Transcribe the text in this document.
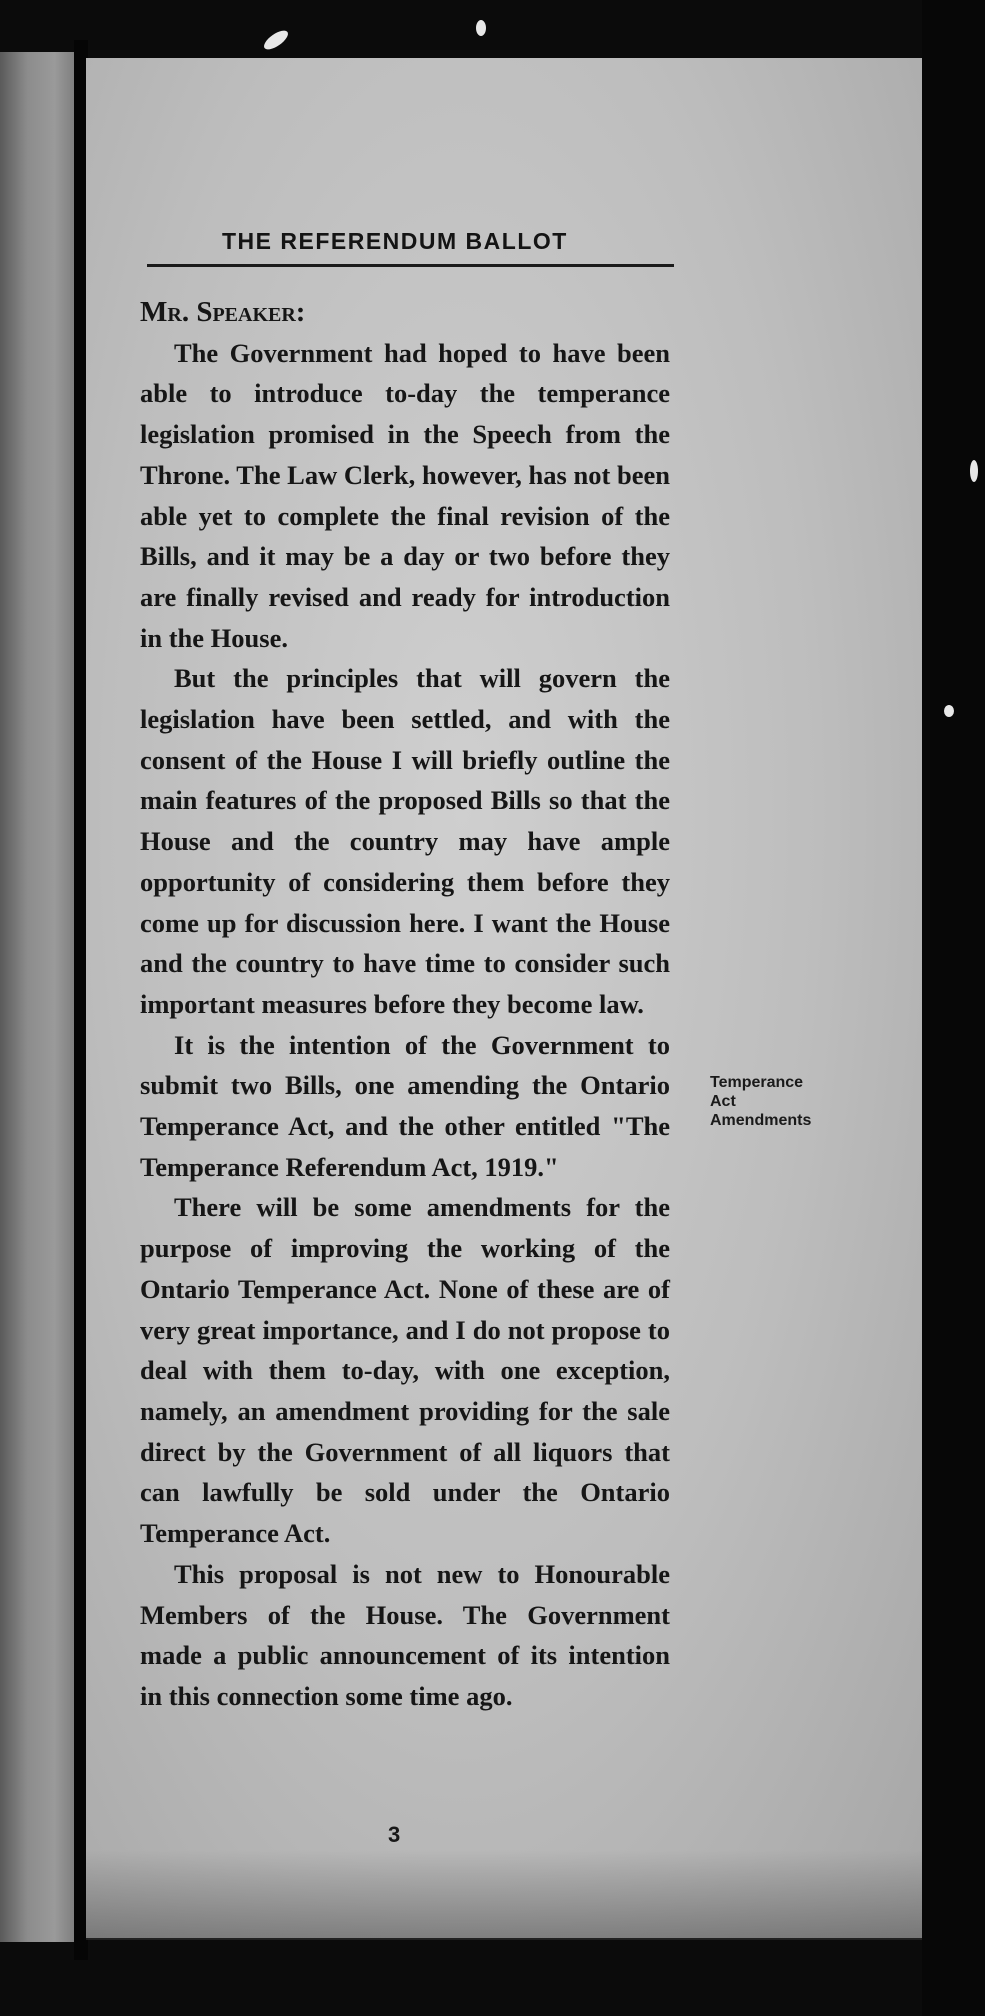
THE REFERENDUM BALLOT

Mr. Speaker:

The Government had hoped to have been able to introduce to-day the temperance legislation promised in the Speech from the Throne. The Law Clerk, however, has not been able yet to complete the final revision of the Bills, and it may be a day or two before they are finally revised and ready for introduction in the House.

But the principles that will govern the legislation have been settled, and with the consent of the House I will briefly outline the main features of the proposed Bills so that the House and the country may have ample opportunity of considering them before they come up for discussion here. I want the House and the country to have time to consider such important measures before they become law.

It is the intention of the Government to submit two Bills, one amending the Ontario Temperance Act, and the other entitled "The Temperance Referendum Act, 1919."

There will be some amendments for the purpose of improving the working of the Ontario Temperance Act. None of these are of very great importance, and I do not propose to deal with them to-day, with one exception, namely, an amendment providing for the sale direct by the Government of all liquors that can lawfully be sold under the Ontario Temperance Act.

This proposal is not new to Honourable Members of the House. The Government made a public announcement of its intention in this connection some time ago.

Temperance
Act
Amendments
3
